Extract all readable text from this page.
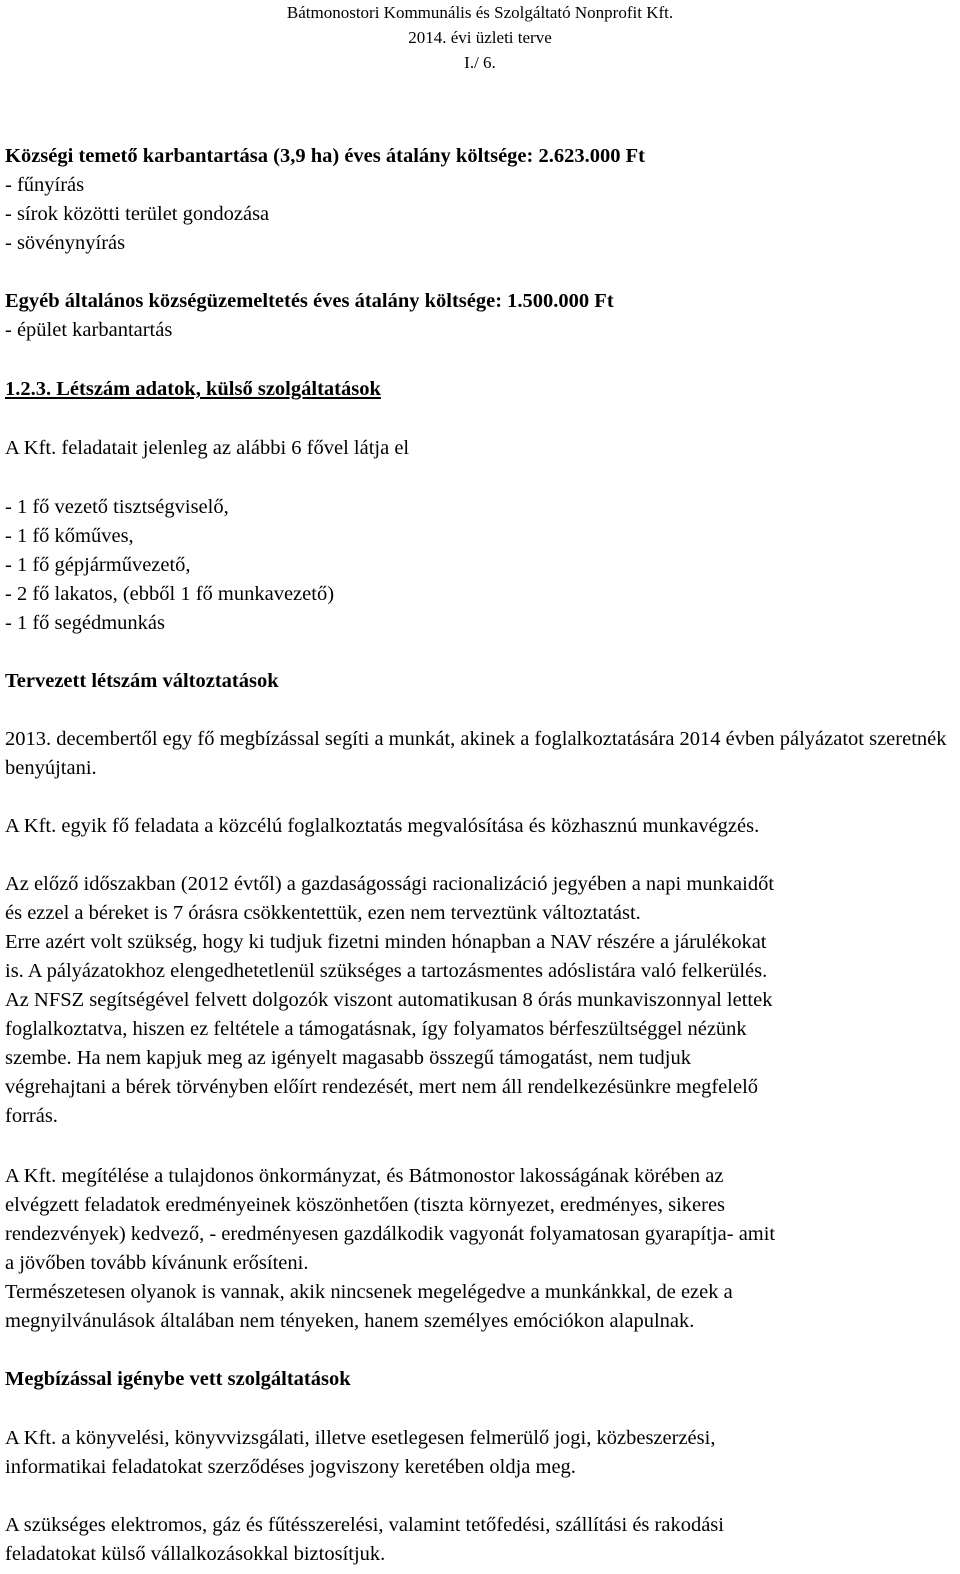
Bátmonostori Kommunális és Szolgáltató Nonprofit Kft.

2014. évi üzleti terve

I./ 6.

Községi temető karbantartása (3,9 ha) éves átalány költsége: 2.623.000 Ft

- fűnyírás

- sírok közötti terület gondozása

- sövénynyírás

Egyéb általános községüzemeltetés éves átalány költsége: 1.500.000 Ft

- épület karbantartás

1.2.3. Létszám adatok, külső szolgáltatások

A Kft. feladatait jelenleg az alábbi 6 fővel látja el

- 1 fő vezető tisztségviselő,

- 1 fő kőműves,

- 1 fő gépjárművezető,

- 2 fő lakatos, (ebből 1 fő munkavezető)

- 1 fő segédmunkás

Tervezett létszám változtatások

2013. decembertől egy fő megbízással segíti a munkát, akinek a foglalkoztatására 2014 évben pályázatot szeretnék benyújtani.

A Kft. egyik fő feladata a közcélú foglalkoztatás megvalósítása és közhasznú munkavégzés.

Az előző időszakban (2012 évtől) a gazdaságossági racionalizáció jegyében a napi munkaidőt

és ezzel a béreket is 7 órásra csökkentettük, ezen nem terveztünk változtatást.

Erre azért volt szükség, hogy ki tudjuk fizetni minden hónapban a NAV részére a járulékokat

is. A pályázatokhoz elengedhetetlenül szükséges a tartozásmentes adóslistára való felkerülés.

Az NFSZ segítségével felvett dolgozók viszont automatikusan 8 órás munkaviszonnyal lettek

foglalkoztatva, hiszen ez feltétele a támogatásnak, így folyamatos bérfeszültséggel nézünk

szembe. Ha nem kapjuk meg az igényelt magasabb összegű támogatást, nem tudjuk

végrehajtani a bérek törvényben előírt rendezését, mert nem áll rendelkezésünkre megfelelő

forrás.

A Kft. megítélése a tulajdonos önkormányzat, és Bátmonostor lakosságának körében az

elvégzett feladatok eredményeinek köszönhetően (tiszta környezet, eredményes, sikeres

rendezvények) kedvező, - eredményesen gazdálkodik vagyonát folyamatosan gyarapítja- amit

a jövőben tovább kívánunk erősíteni.

Természetesen olyanok is vannak, akik nincsenek megelégedve a munkánkkal, de ezek a

megnyilvánulások általában nem tényeken, hanem személyes emóciókon alapulnak.

Megbízással igénybe vett szolgáltatások

A Kft. a könyvelési, könyvvizsgálati, illetve esetlegesen felmerülő jogi, közbeszerzési,

informatikai feladatokat szerződéses jogviszony keretében oldja meg.

A szükséges elektromos, gáz és fűtésszerelési, valamint tetőfedési, szállítási és rakodási

feladatokat külső vállalkozásokkal biztosítjuk.
